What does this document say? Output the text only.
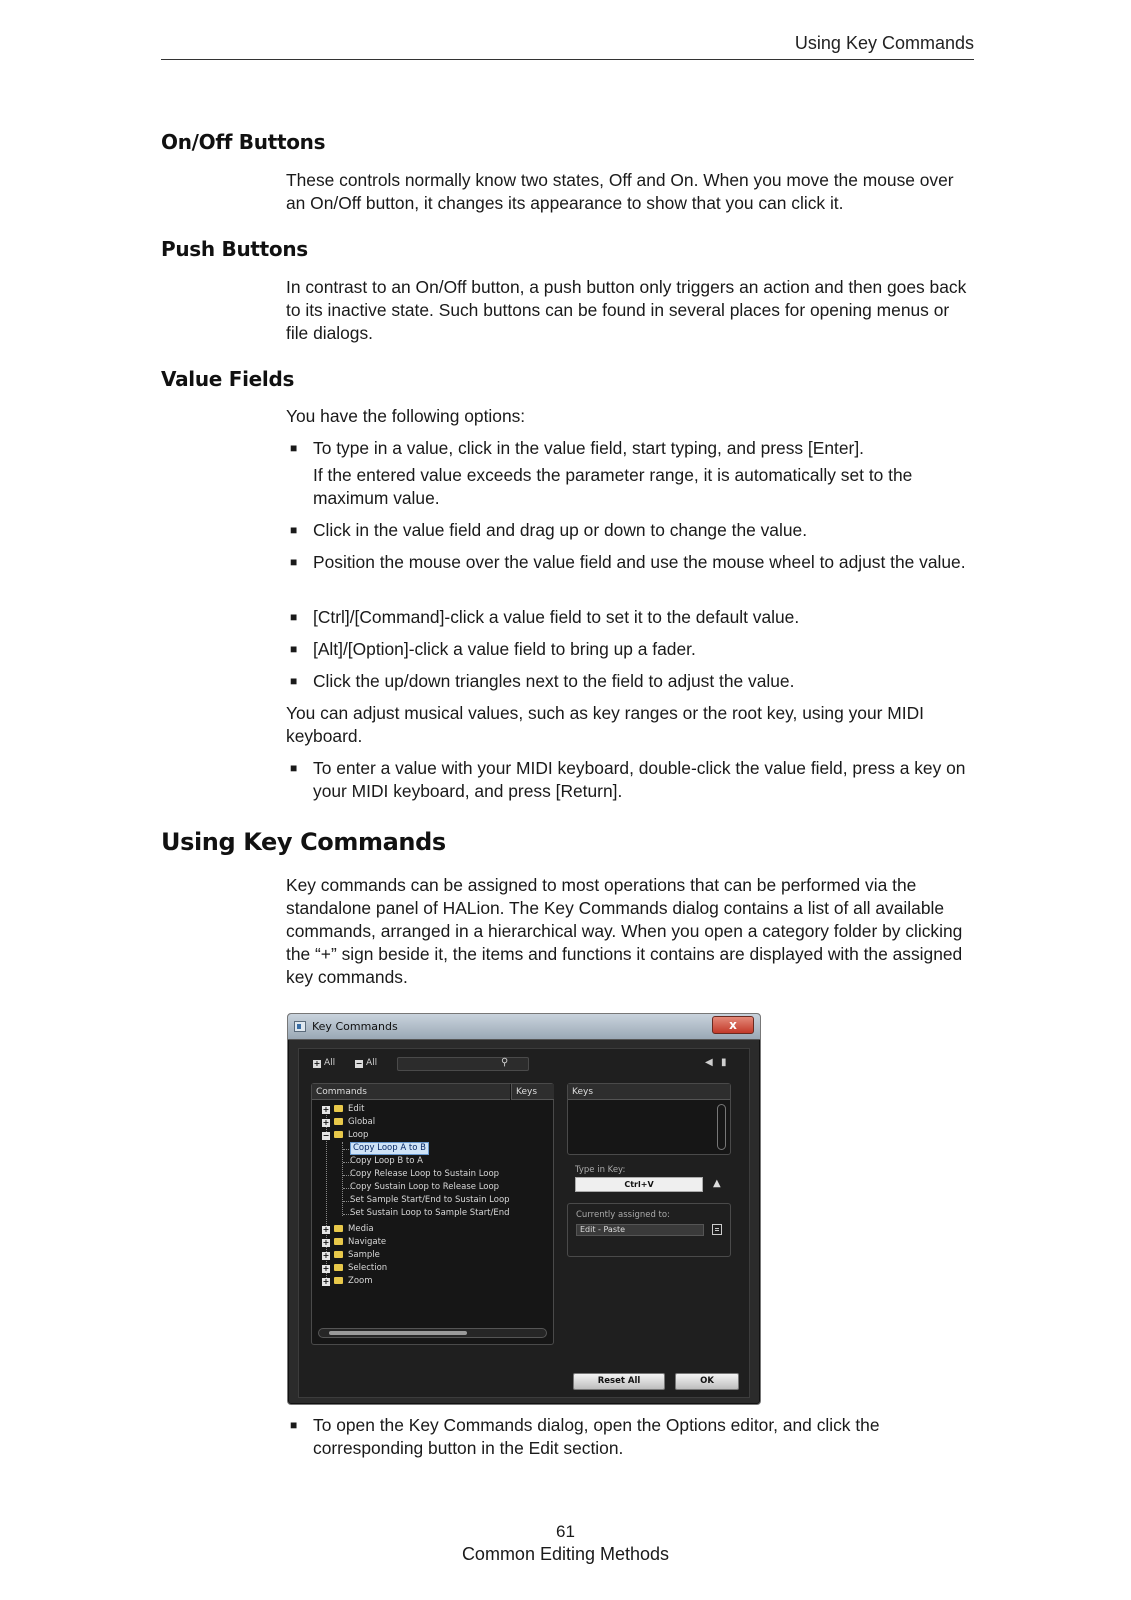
Using Key Commands
On/Off Buttons
These controls normally know two states, Off and On. When you move the mouse over an On/Off button, it changes its appearance to show that you can click it.
Push Buttons
In contrast to an On/Off button, a push button only triggers an action and then goes back to its inactive state. Such buttons can be found in several places for opening menus or file dialogs.
Value Fields
You have the following options:
■ To type in a value, click in the value field, start typing, and press [Enter].
If the entered value exceeds the parameter range, it is automatically set to the maximum value.
■ Click in the value field and drag up or down to change the value.
■ Position the mouse over the value field and use the mouse wheel to adjust the value.
■ [Ctrl]/[Command]-click a value field to set it to the default value.
■ [Alt]/[Option]-click a value field to bring up a fader.
■ Click the up/down triangles next to the field to adjust the value.
You can adjust musical values, such as key ranges or the root key, using your MIDI keyboard.
■ To enter a value with your MIDI keyboard, double-click the value field, press a key on your MIDI keyboard, and press [Return].
Using Key Commands
Key commands can be assigned to most operations that can be performed via the standalone panel of HALion. The Key Commands dialog contains a list of all available commands, arranged in a hierarchical way. When you open a category folder by clicking the “+” sign beside it, the items and functions it contains are displayed with the assigned key commands.
Key Commands	x
+ All	− All	⚲	◀ ▮
Commands	Keys
+ Edit
+ Global
− Loop
Copy Loop A to B
Copy Loop B to A
Copy Release Loop to Sustain Loop
Copy Sustain Loop to Release Loop
Set Sample Start/End to Sustain Loop
Set Sustain Loop to Sample Start/End
+ Media
+ Navigate
+ Sample
+ Selection
+ Zoom
Keys
Type in Key:
Ctrl+V	▲
Currently assigned to:
Edit - Paste
Reset All	OK
■ To open the Key Commands dialog, open the Options editor, and click the corresponding button in the Edit section.
61
Common Editing Methods
